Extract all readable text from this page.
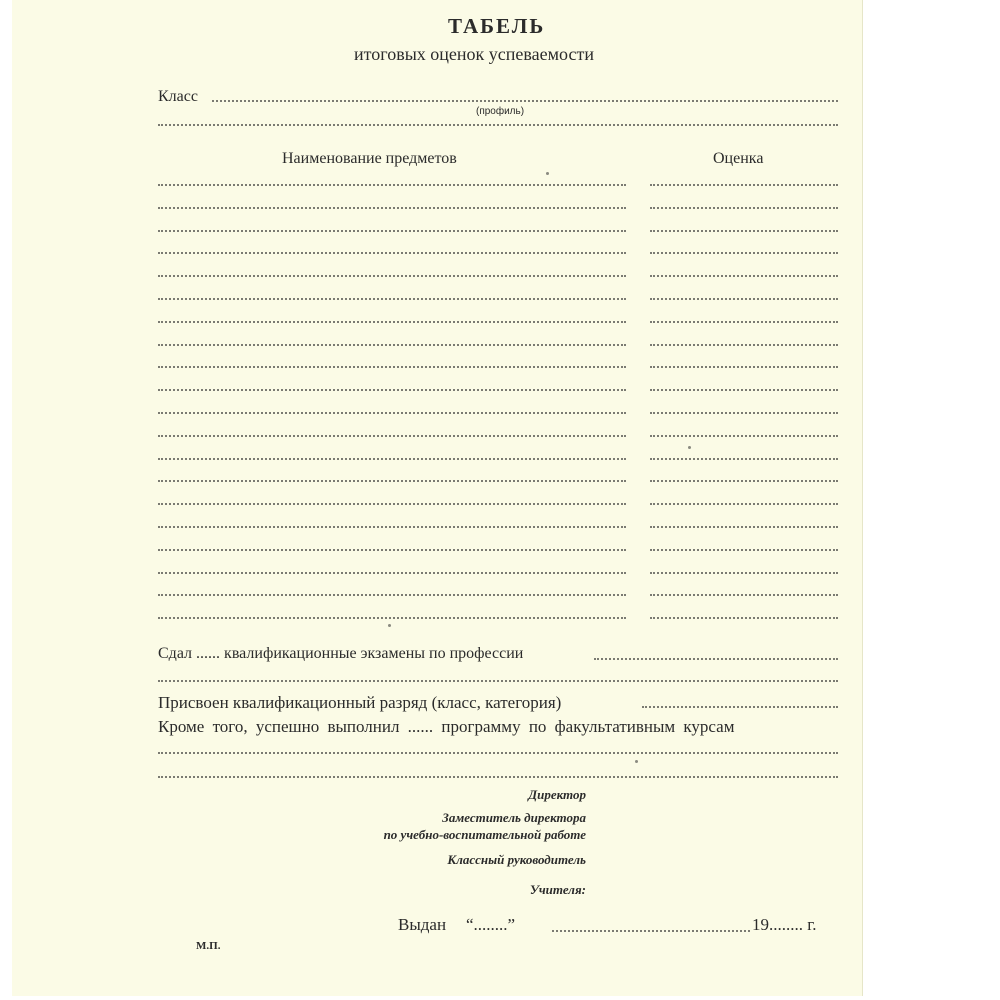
ТАБЕЛЬ
итоговых оценок успеваемости
Класс
(профиль)
Наименование предметов	Оценка
Сдал ...... квалификационные экзамены по профессии
Присвоен квалификационный разряд (класс, категория)
Кроме того, успешно выполнил ...... программу по факультативным курсам
Директор
Заместитель директора
по учебно-воспитательной работе
Классный руководитель
Учителя:
Выдан “........”	19........ г.
М.П.
